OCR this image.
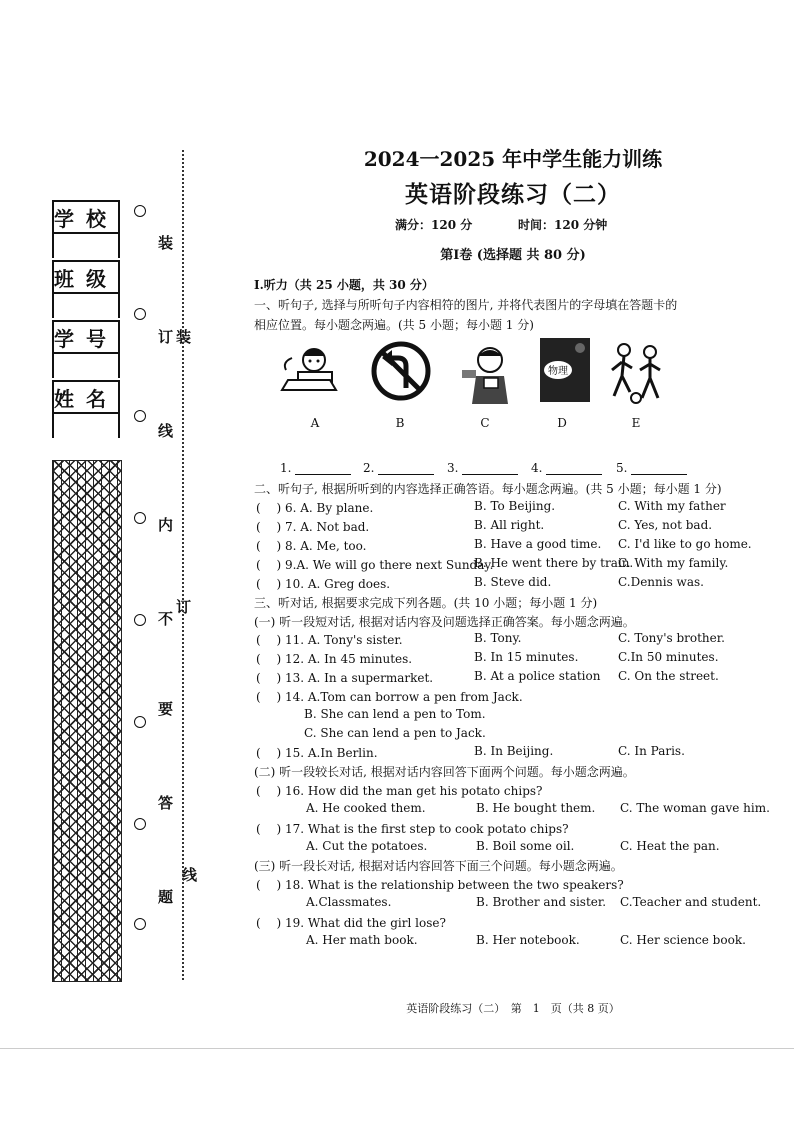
学校
班级
学号
姓名
装
订 装
线
内
订
不
要
答
线
题
2024一2025 年中学生能力训练
英语阶段练习（二）
满分：120 分	时间：120 分钟
第Ⅰ卷 (选择题 共 80 分)
Ⅰ.听力（共 25 小题，共 30 分）
一、听句子, 选择与所听句子内容相符的图片, 并将代表图片的字母填在答题卡的
相应位置。每小题念两遍。(共 5 小题；每小题 1 分)
物理
A	B	C	D	E
1.	2.	3.	4.	5.
二、听句子, 根据所听到的内容选择正确答语。每小题念两遍。(共 5 小题；每小题 1 分)
(　 ) 6. A. By plane.	B. To Beijing.	C. With my father
(　 ) 7. A. Not bad.	B. All right.	C. Yes, not bad.
(　 ) 8. A. Me, too.	B. Have a good time. C. I'd like to go home.
(　 ) 9.A. We will go there next Sunday.
B. He went there by train.
C. With my family.
(　 ) 10. A. Greg does.	B. Steve did.	C.Dennis was.
三、听对话, 根据要求完成下列各题。(共 10 小题；每小题 1 分)
(一) 听一段短对话, 根据对话内容及问题选择正确答案。每小题念两遍。
(　 ) 11. A. Tony's sister.	B. Tony.	C. Tony's brother.
(　 ) 12. A. In 45 minutes.	B. In 15 minutes.	C.In 50 minutes.
(　 ) 13. A. In a supermarket.	B. At a police station C. On the street.
(　 ) 14. A.Tom can borrow a pen from Jack.
B. She can lend a pen to Tom.
C. She can lend a pen to Jack.
(　 ) 15. A.In Berlin.	B. In Beijing.	C. In Paris.
(二) 听一段较长对话, 根据对话内容回答下面两个问题。每小题念两遍。
(　 ) 16. How did the man get his potato chips?
A. He cooked them.	B. He bought them. C. The woman gave him.
(　 ) 17. What is the first step to cook potato chips?
A. Cut the potatoes.	B. Boil some oil.	C. Heat the pan.
(三) 听一段长对话, 根据对话内容回答下面三个问题。每小题念两遍。
(　 ) 18. What is the relationship between the two speakers?
A.Classmates.	B. Brother and sister. C.Teacher and student.
(　 ) 19. What did the girl lose?
A. Her math book.	B. Her notebook.	C. Her science book.
英语阶段练习（二）　第　1　页（共 8 页）
